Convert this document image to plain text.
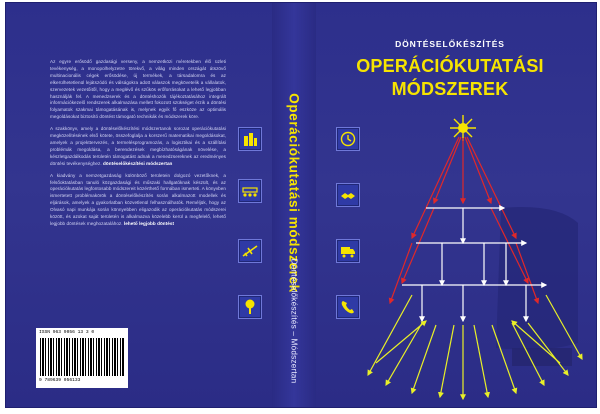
Az egyre erősödő gazdasági verseny, a nemzetközi méretekben élő üzleti tevékenység, a monopolhelyzetre törekvő, a világ minden országát átszövő multinacionális cégek erősödése, új termékek, a társadalomra és az elkerülhetetlenül lejátszódó és válságokra adott válaszok megkövetelik a vállalatok, szervezetek vezetőitől, hogy a meglévő és szűkös erőforrásokat a lehető legjobban használják fel. A menedzserek és a döntéshozók tájékoztatásához integrált információkezelő rendszerek alkalmazása mellett fokozott szükséget érzik a döntési folyamatok szakmai támogatásának is, melynek egyik fő eszköze az optimális megoldásokat biztosító döntést támogató technikák és módszerek köre.

A szakkönyv, amely a döntéselőkészítési módszertanok sorozat operációkutatási megközelítésének első kötete, összefoglalja a korszerű matematikai megoldásokat, amelyek a projekttervezés, a termelésprogramozás, a logisztikai és a szállítási problémák megoldása, a berendezések megbízhatóságának növelése, a készletgazdálkodás területén támogatást adnak a menedzsereknek az eredményes döntési tevékenységhez. döntéselőkészítési módszertan

A kiadvány a nemzetgazdaság különböző területein dolgozó vezetőknek, a felsőoktatásban tanuló közgazdasági és műszaki hallgatóknak készült, és az operációkutatás legfontosabb módszereit közérthető formában ismerteti. A könyvben ismertetett problémakörök a döntéselőkészítés során alkalmazott modellek és eljárások, amelyek a gyakorlatban közvetlenül felhasználhatók. Reméljük, hogy az Olvasó napi munkája során könnyebben eligazodik az operációkutatás módszerei között, és azokat saját területén is alkalmazva közelebb kerül a megfelelő, lehető legjobb döntések meghozatalához. lehető legjobb döntést

ISSN 963 9056 13 3 0
9 789639 056133
Operációkutatási módszerek
Döntéselőkészítés – Módszertan
DÖNTÉSELŐKÉSZÍTÉS
OPERÁCIÓKUTATÁSI
MÓDSZEREK
